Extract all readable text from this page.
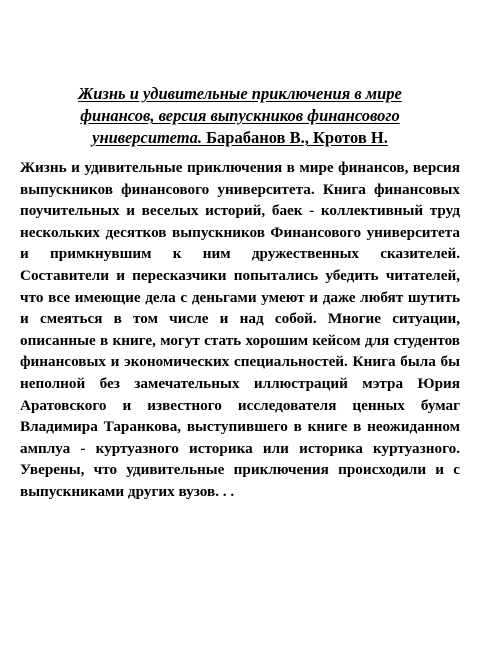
Жизнь и удивительные приключения в мире финансов, версия выпускников финансового университета. Барабанов В., Кротов Н.

Жизнь и удивительные приключения в мире финансов, версия выпускников финансового университета. Книга финансовых поучительных и веселых историй, баек - коллективный труд нескольких десятков выпускников Финансового университета и примкнувшим к ним дружественных сказителей. Составители и пересказчики попытались убедить читателей, что все имеющие дела с деньгами умеют и даже любят шутить и смеяться в том числе и над собой. Многие ситуации, описанные в книге, могут стать хорошим кейсом для студентов финансовых и экономических специальностей. Книга была бы неполной без замечательных иллюстраций мэтра Юрия Аратовского и известного исследователя ценных бумаг Владимира Таранкова, выступившего в книге в неожиданном амплуа - куртуазного историка или историка куртуазного. Уверены, что удивительные приключения происходили и с выпускниками других вузов. . .
